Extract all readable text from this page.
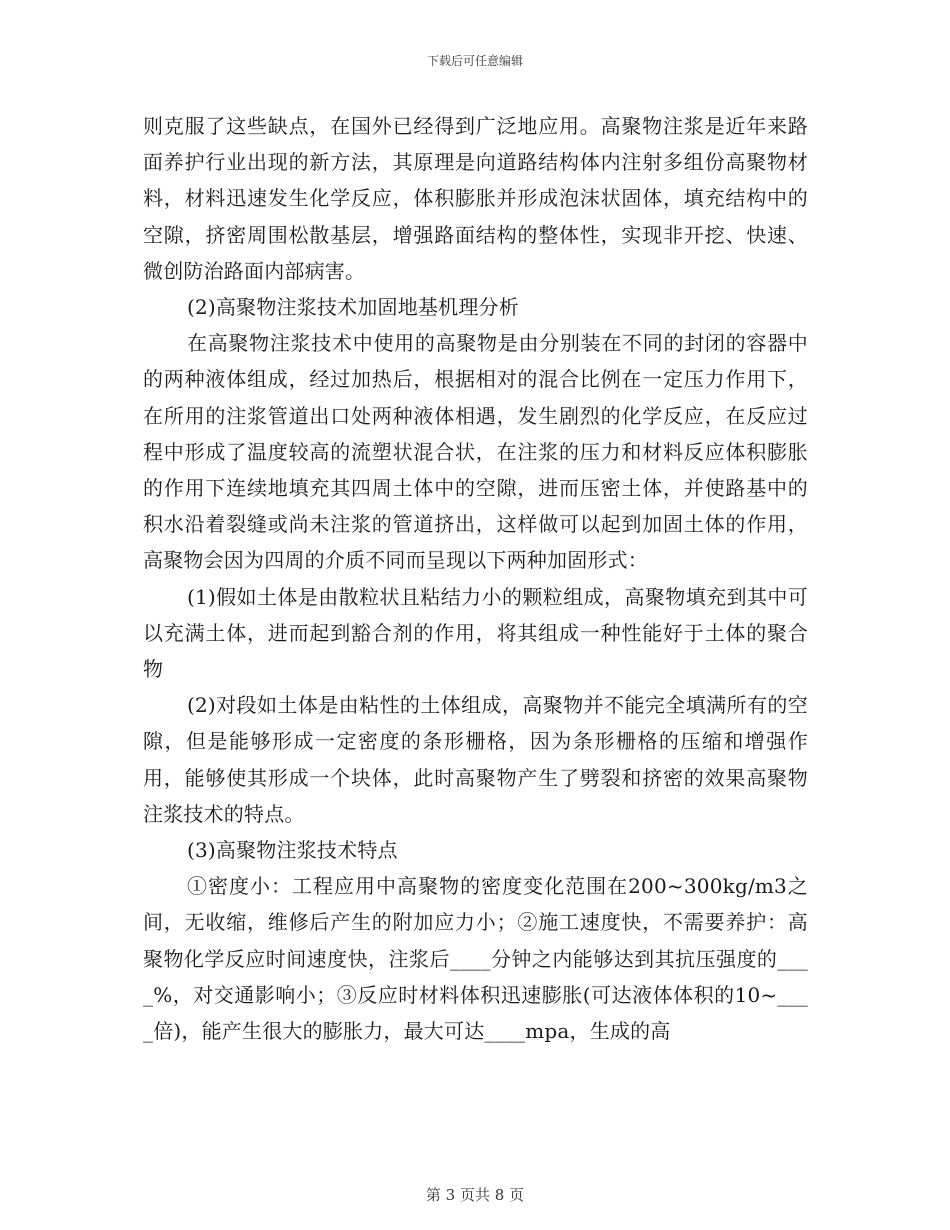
下载后可任意编辑

则克服了这些缺点，在国外已经得到广泛地应用。高聚物注浆是近年来路面养护行业出现的新方法，其原理是向道路结构体内注射多组份高聚物材料，材料迅速发生化学反应，体积膨胀并形成泡沫状固体，填充结构中的空隙，挤密周围松散基层，增强路面结构的整体性，实现非开挖、快速、微创防治路面内部病害。

(2)高聚物注浆技术加固地基机理分析

在高聚物注浆技术中使用的高聚物是由分别装在不同的封闭的容器中的两种液体组成，经过加热后，根据相对的混合比例在一定压力作用下，在所用的注浆管道出口处两种液体相遇，发生剧烈的化学反应，在反应过程中形成了温度较高的流塑状混合状，在注浆的压力和材料反应体积膨胀的作用下连续地填充其四周土体中的空隙，进而压密土体，并使路基中的积水沿着裂缝或尚未注浆的管道挤出，这样做可以起到加固土体的作用，高聚物会因为四周的介质不同而呈现以下两种加固形式：

(1)假如土体是由散粒状且粘结力小的颗粒组成，高聚物填充到其中可以充满土体，进而起到豁合剂的作用，将其组成一种性能好于土体的聚合物

(2)对段如土体是由粘性的土体组成，高聚物并不能完全填满所有的空隙，但是能够形成一定密度的条形栅格，因为条形栅格的压缩和增强作用，能够使其形成一个块体，此时高聚物产生了劈裂和挤密的效果高聚物注浆技术的特点。

(3)高聚物注浆技术特点

①密度小：工程应用中高聚物的密度变化范围在200~300kg/m3之间，无收缩，维修后产生的附加应力小；②施工速度快，不需要养护：高聚物化学反应时间速度快，注浆后____分钟之内能够达到其抗压强度的____%，对交通影响小；③反应时材料体积迅速膨胀(可达液体体积的10~____倍)，能产生很大的膨胀力，最大可达____mpa，生成的高

第 3 页共 8 页
